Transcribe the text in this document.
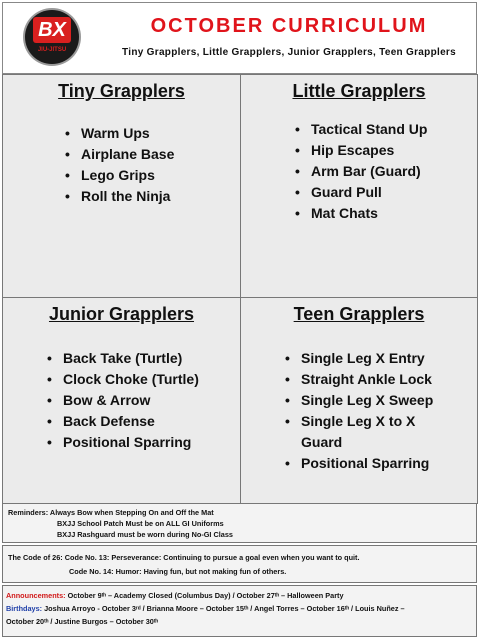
BX
JIU-JITSU
OCTOBER CURRICULUM
Tiny Grapplers, Little Grapplers, Junior Grapplers, Teen Grapplers
Tiny Grapplers
• Warm Ups
• Airplane Base
• Lego Grips
• Roll the Ninja
Little Grapplers
• Tactical Stand Up
• Hip Escapes
• Arm Bar (Guard)
• Guard Pull
• Mat Chats
Junior Grapplers
• Back Take (Turtle)
• Clock Choke (Turtle)
• Bow & Arrow
• Back Defense
• Positional Sparring
Teen Grapplers
• Single Leg X Entry
• Straight Ankle Lock
• Single Leg X Sweep
• Single Leg X to X
Guard
• Positional Sparring
Reminders: Always Bow when Stepping On and Off the Mat
BXJJ School Patch Must be on ALL GI Uniforms
BXJJ Rashguard must be worn during No-GI Class
The Code of 26: Code No. 13: Perseverance: Continuing to pursue a goal even when you want to quit.
Code No. 14: Humor: Having fun, but not making fun of others.
Announcements: October 9ᵗʰ – Academy Closed (Columbus Day) / October 27ᵗʰ – Halloween Party
Birthdays: Joshua Arroyo - October 3ʳᵈ / Brianna Moore – October 15ᵗʰ / Angel Torres – October 16ᵗʰ / Louis Nuñez –
October 20ᵗʰ / Justine Burgos – October 30ᵗʰ
